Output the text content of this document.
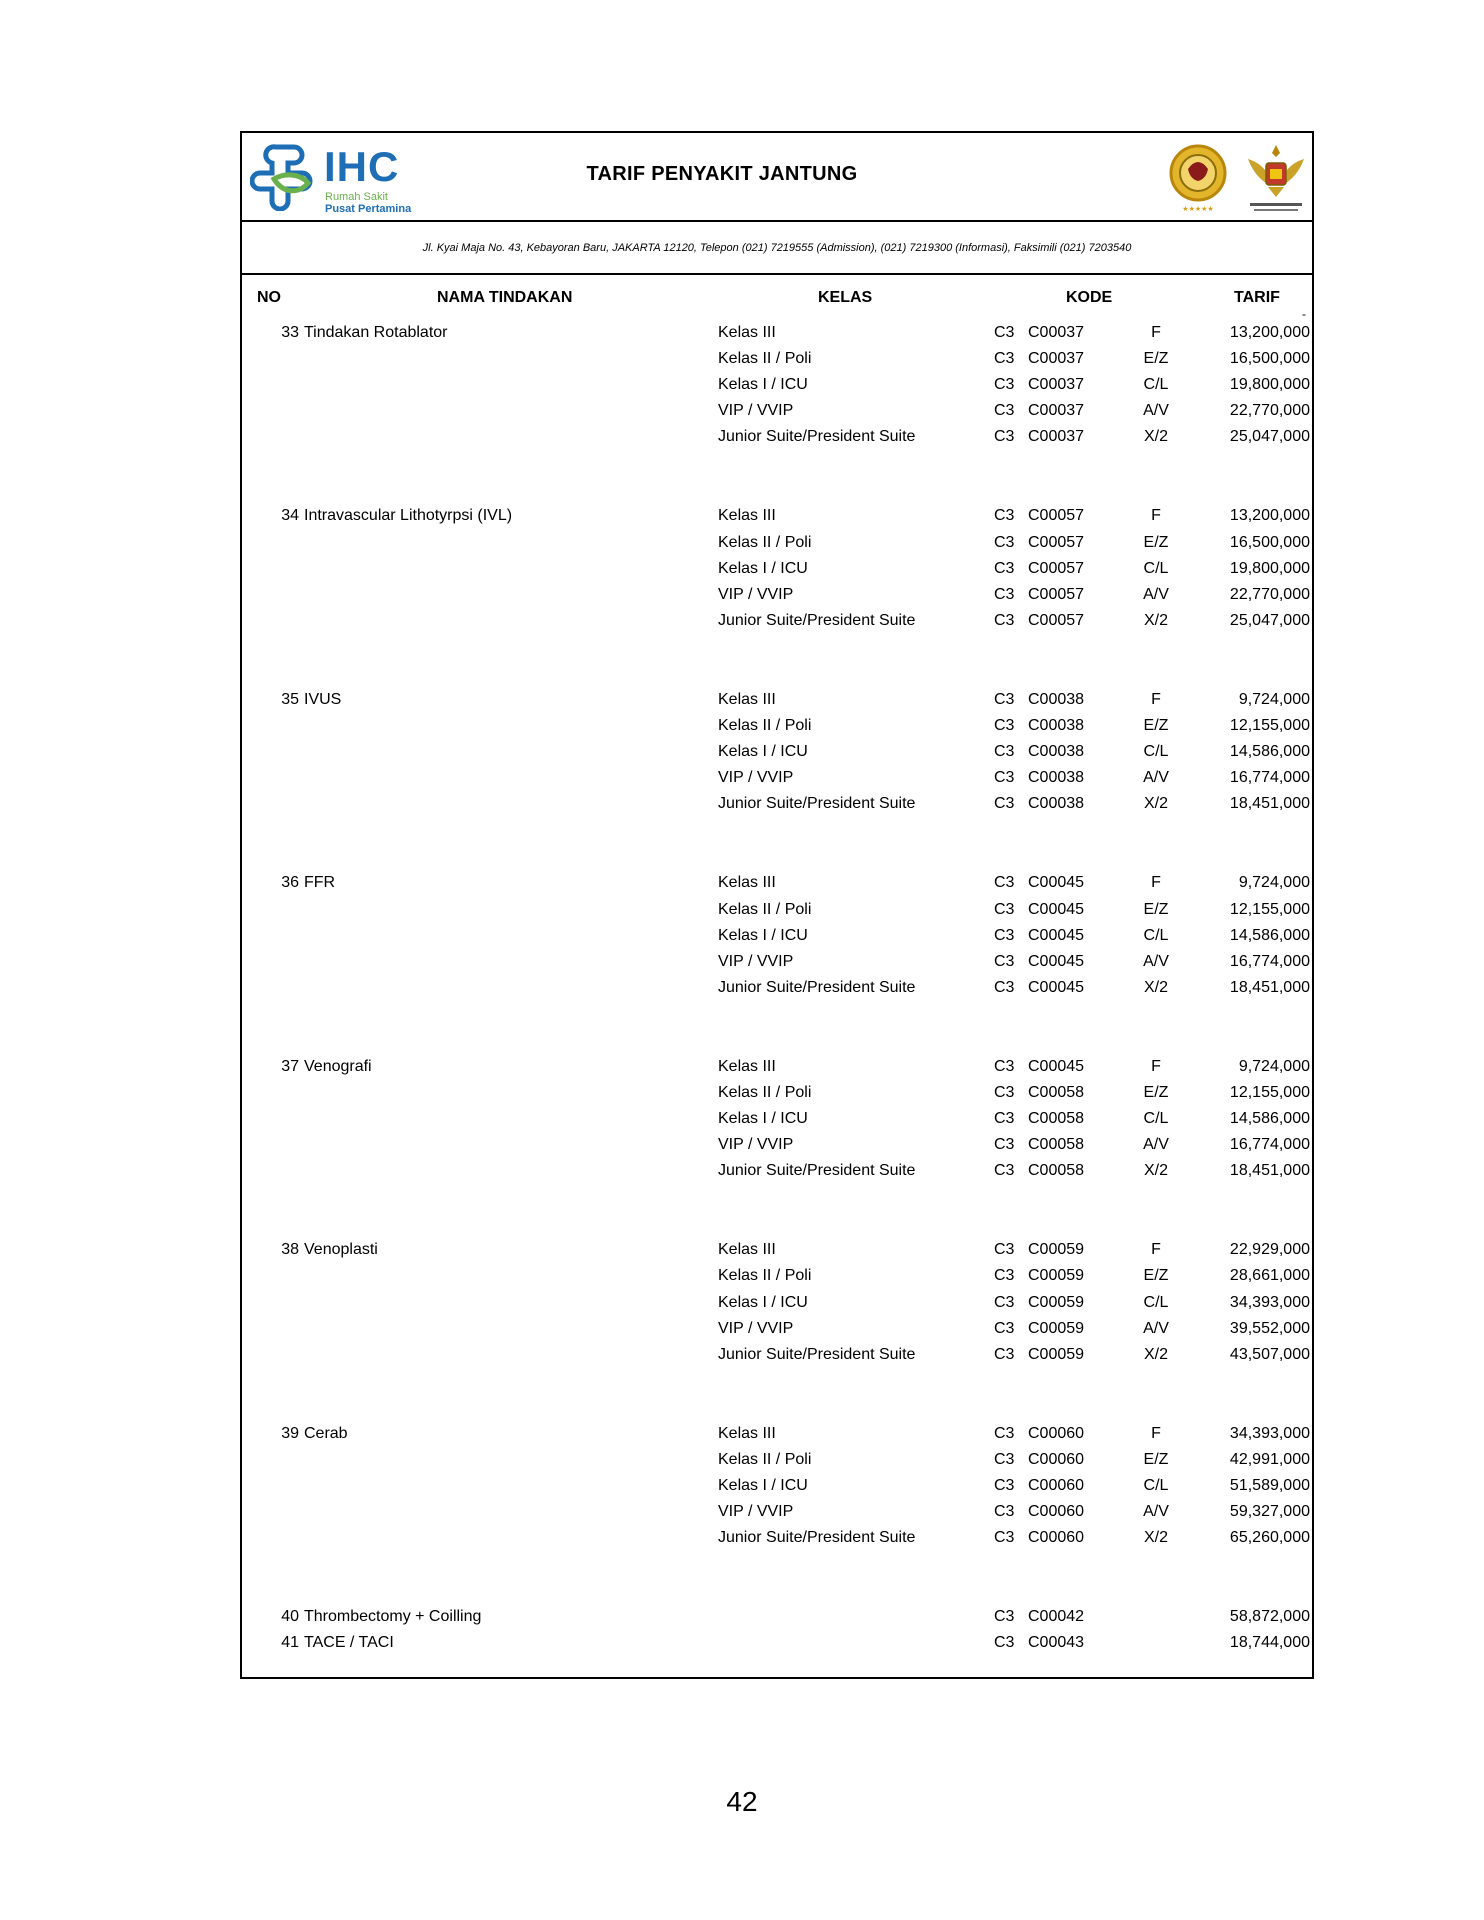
IHC
Rumah Sakit
Pusat Pertamina
TARIF PENYAKIT JANTUNG
★★★★★
Jl. Kyai Maja No. 43, Kebayoran Baru, JAKARTA 12120, Telepon (021) 7219555 (Admission), (021) 7219300 (Informasi), Faksimili (021) 7203540
NO	NAMA TINDAKAN	KELAS	KODE	TARIF
-
33 Tindakan Rotablator	Kelas III	C3 C00037	F	13,200,000
Kelas II / Poli	C3 C00037	E/Z	16,500,000
Kelas I / ICU	C3 C00037	C/L	19,800,000
VIP / VVIP	C3 C00037	A/V	22,770,000
Junior Suite/President Suite	C3 C00037	X/2	25,047,000
34 Intravascular Lithotyrpsi (IVL)	Kelas III	C3 C00057	F	13,200,000
Kelas II / Poli	C3 C00057	E/Z	16,500,000
Kelas I / ICU	C3 C00057	C/L	19,800,000
VIP / VVIP	C3 C00057	A/V	22,770,000
Junior Suite/President Suite	C3 C00057	X/2	25,047,000
35 IVUS	Kelas III	C3 C00038	F	9,724,000
Kelas II / Poli	C3 C00038	E/Z	12,155,000
Kelas I / ICU	C3 C00038	C/L	14,586,000
VIP / VVIP	C3 C00038	A/V	16,774,000
Junior Suite/President Suite	C3 C00038	X/2	18,451,000
36 FFR	Kelas III	C3 C00045	F	9,724,000
Kelas II / Poli	C3 C00045	E/Z	12,155,000
Kelas I / ICU	C3 C00045	C/L	14,586,000
VIP / VVIP	C3 C00045	A/V	16,774,000
Junior Suite/President Suite	C3 C00045	X/2	18,451,000
37 Venografi	Kelas III	C3 C00045	F	9,724,000
Kelas II / Poli	C3 C00058	E/Z	12,155,000
Kelas I / ICU	C3 C00058	C/L	14,586,000
VIP / VVIP	C3 C00058	A/V	16,774,000
Junior Suite/President Suite	C3 C00058	X/2	18,451,000
38 Venoplasti	Kelas III	C3 C00059	F	22,929,000
Kelas II / Poli	C3 C00059	E/Z	28,661,000
Kelas I / ICU	C3 C00059	C/L	34,393,000
VIP / VVIP	C3 C00059	A/V	39,552,000
Junior Suite/President Suite	C3 C00059	X/2	43,507,000
39 Cerab	Kelas III	C3 C00060	F	34,393,000
Kelas II / Poli	C3 C00060	E/Z	42,991,000
Kelas I / ICU	C3 C00060	C/L	51,589,000
VIP / VVIP	C3 C00060	A/V	59,327,000
Junior Suite/President Suite	C3 C00060	X/2	65,260,000
40 Thrombectomy + Coilling	C3 C00042	58,872,000
41 TACE / TACI	C3 C00043	18,744,000
42
